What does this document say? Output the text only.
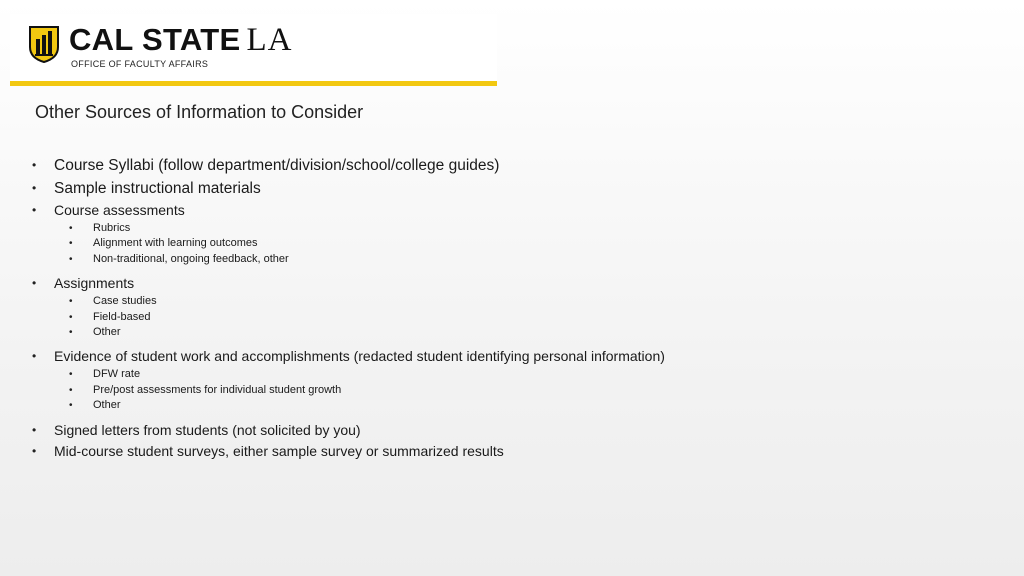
CAL STATE LA
OFFICE OF FACULTY AFFAIRS
Other Sources of Information to Consider
• Course Syllabi (follow department/division/school/college guides)
• Sample instructional materials
• Course assessments
• Rubrics
• Alignment with learning outcomes
• Non-traditional, ongoing feedback, other
• Assignments
• Case studies
• Field-based
• Other
• Evidence of student work and accomplishments (redacted student identifying personal information)
• DFW rate
• Pre/post assessments for individual student growth
• Other
• Signed letters from students (not solicited by you)
• Mid-course student surveys, either sample survey or summarized results
